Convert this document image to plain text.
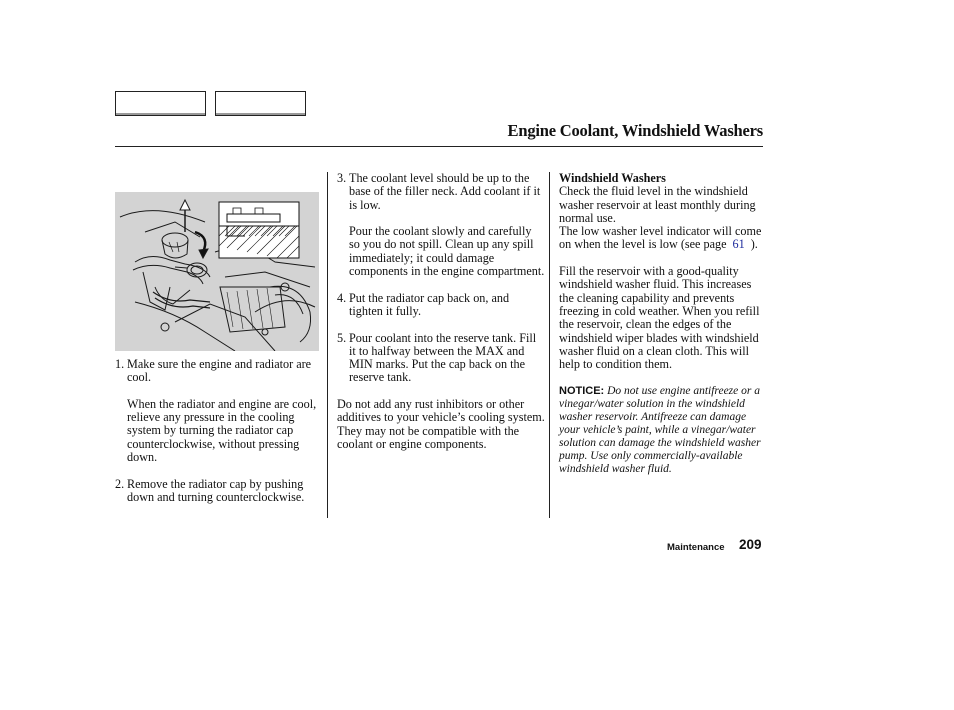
Engine Coolant, Windshield Washers
1. Make sure the engine and radiator are cool.

When the radiator and engine are cool, relieve any pressure in the cooling system by turning the radiator cap counterclockwise, without pressing down.

2. Remove the radiator cap by pushing down and turning counterclockwise.

3. The coolant level should be up to the base of the filler neck. Add coolant if it is low.

Pour the coolant slowly and carefully so you do not spill. Clean up any spill immediately; it could damage components in the engine compartment.

4. Put the radiator cap back on, and tighten it fully.

5. Pour coolant into the reserve tank. Fill it to halfway between the MAX and MIN marks. Put the cap back on the reserve tank.

Do not add any rust inhibitors or other additives to your vehicle’s cooling system. They may not be compatible with the coolant or engine components.

Windshield Washers

Check the fluid level in the windshield washer reservoir at least monthly during normal use.

The low washer level indicator will come on when the level is low (see page 61 ).

Fill the reservoir with a good-quality windshield washer fluid. This increases the cleaning capability and prevents freezing in cold weather. When you refill the reservoir, clean the edges of the windshield wiper blades with windshield washer fluid on a clean cloth. This will help to condition them.

NOTICE: Do not use engine antifreeze or a vinegar/water solution in the windshield washer reservoir. Antifreeze can damage your vehicle’s paint, while a vinegar/water solution can damage the windshield washer pump. Use only commercially-available windshield washer fluid.

Maintenance 209
